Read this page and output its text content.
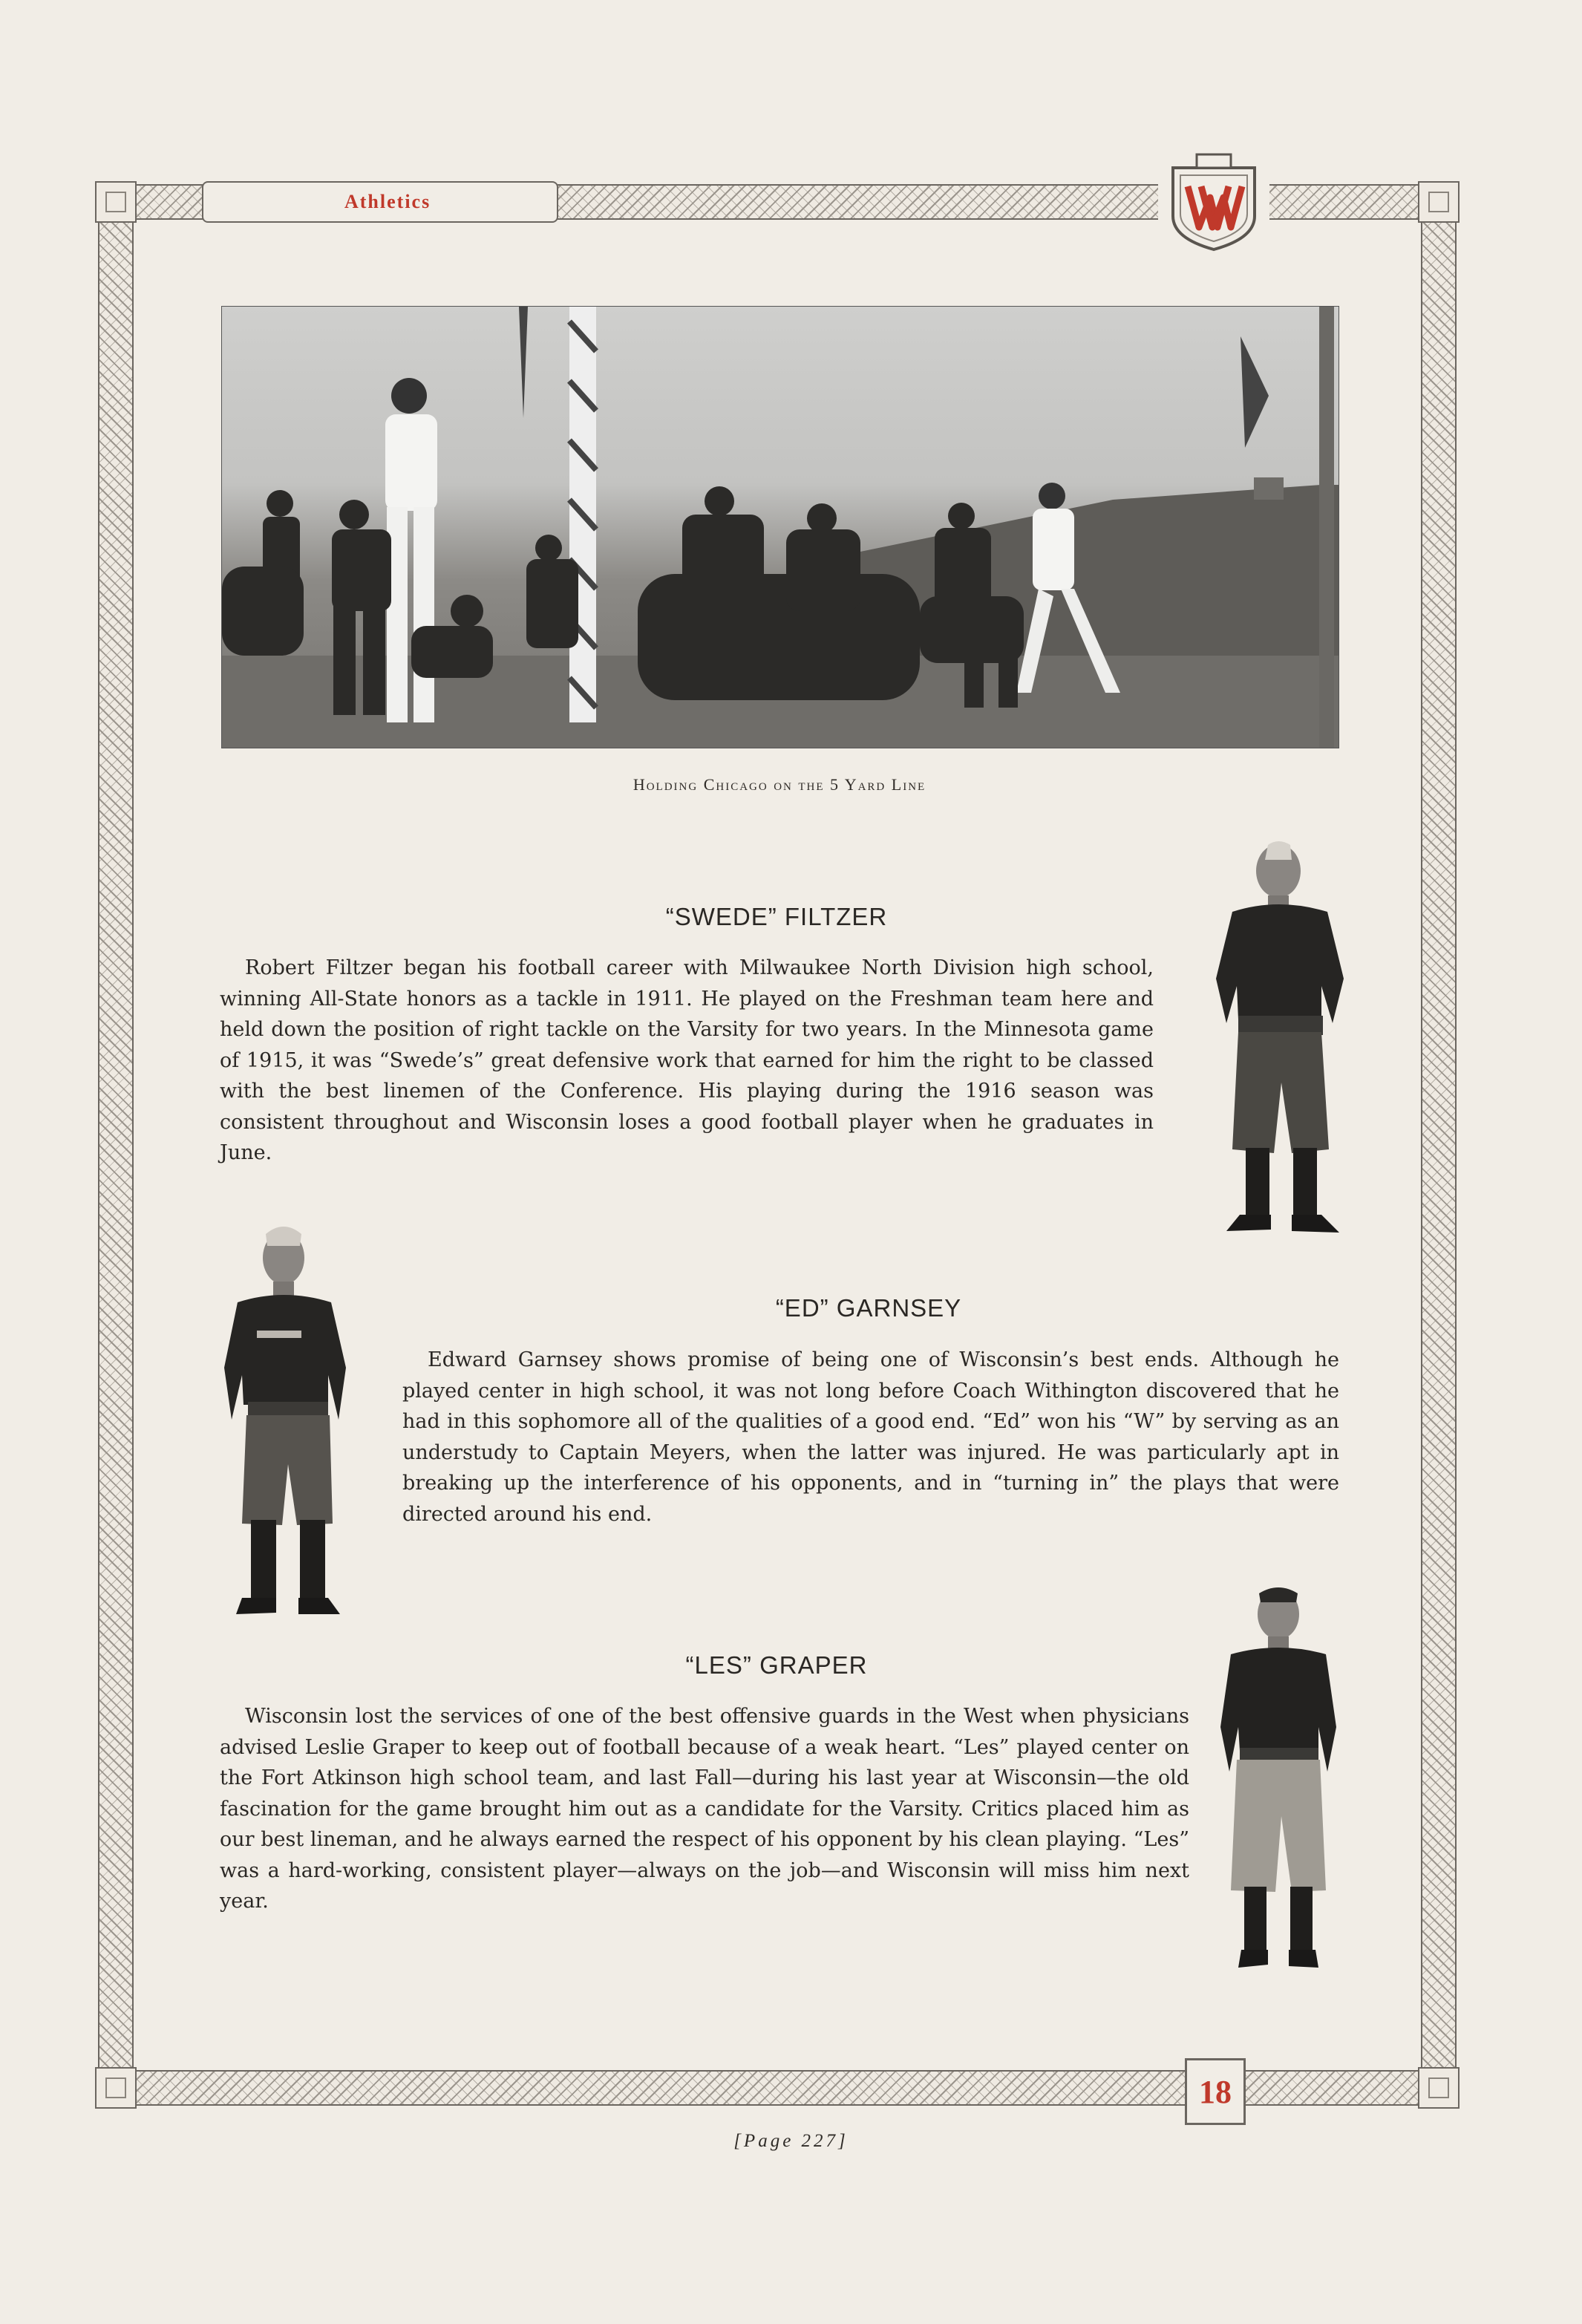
Athletics
18
Holding Chicago on the 5 Yard Line
“SWEDE” FILTZER

Robert Filtzer began his football career with Milwaukee North Division high school, winning All-State honors as a tackle in 1911. He played on the Freshman team here and held down the position of right tackle on the Varsity for two years. In the Minnesota game of 1915, it was “Swede’s” great defensive work that earned for him the right to be classed with the best linemen of the Conference. His playing during the 1916 season was consistent throughout and Wisconsin loses a good football player when he graduates in June.

“ED” GARNSEY

Edward Garnsey shows promise of being one of Wisconsin’s best ends. Although he played center in high school, it was not long before Coach Withington discovered that he had in this sophomore all of the qualities of a good end. “Ed” won his “W” by serving as an understudy to Captain Meyers, when the latter was injured. He was particularly apt in breaking up the interference of his opponents, and in “turning in” the plays that were directed around his end.

“LES” GRAPER

Wisconsin lost the services of one of the best offensive guards in the West when physicians advised Leslie Graper to keep out of football because of a weak heart. “Les” played center on the Fort Atkinson high school team, and last Fall—during his last year at Wisconsin—the old fascination for the game brought him out as a candidate for the Varsity. Critics placed him as our best lineman, and he always earned the respect of his opponent by his clean playing. “Les” was a hard-working, consistent player—always on the job—and Wisconsin will miss him next year.

[Page 227]
